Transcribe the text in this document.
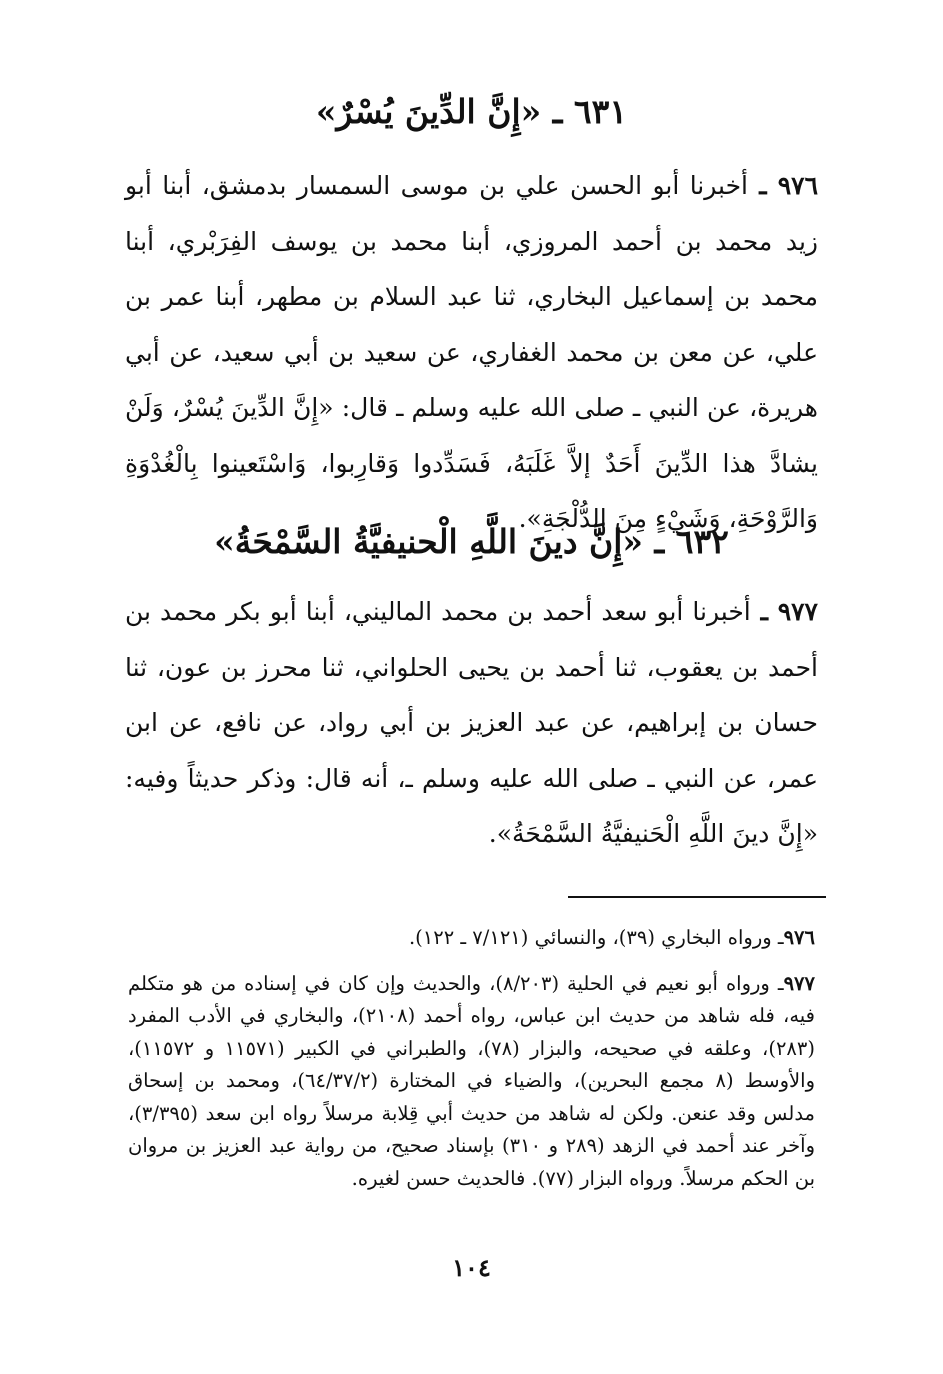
٦٣١ ـ «إِنَّ الدِّينَ يُسْرٌ»
٩٧٦ ـ أخبرنا أبو الحسن علي بن موسى السمسار بدمشق، أبنا أبو زيد محمد بن أحمد المروزي، أبنا محمد بن يوسف الفِرَبْري، أبنا محمد بن إسماعيل البخاري، ثنا عبد السلام بن مطهر، أبنا عمر بن علي، عن معن بن محمد الغفاري، عن سعيد بن أبي سعيد، عن أبي هريرة، عن النبي ـ صلى الله عليه وسلم ـ قال: «إِنَّ الدِّينَ يُسْرٌ، وَلَنْ يشادَّ هذا الدِّينَ أَحَدٌ إلاَّ غَلَبَهُ، فَسَدِّدوا وَقارِبوا، وَاسْتَعينوا بِالْغُدْوَةِ وَالرَّوْحَةِ، وَشَيْءٍ مِنَ الدُّلْجَةِ».
٦٣٢ ـ «إِنَّ دينَ اللَّهِ الْحنيفيَّةُ السَّمْحَةُ»
٩٧٧ ـ أخبرنا أبو سعد أحمد بن محمد الماليني، أبنا أبو بكر محمد بن أحمد بن يعقوب، ثنا أحمد بن يحيى الحلواني، ثنا محرز بن عون، ثنا حسان بن إبراهيم، عن عبد العزيز بن أبي رواد، عن نافع، عن ابن عمر، عن النبي ـ صلى الله عليه وسلم ـ، أنه قال: وذكر حديثاً وفيه: «إِنَّ دينَ اللَّهِ الْحَنيفيَّةُ السَّمْحَةُ».

٩٧٦ـ ورواه البخاري (٣٩)، والنسائي (٧/١٢١ ـ ١٢٢).

٩٧٧ـ ورواه أبو نعيم في الحلية (٨/٢٠٣)، والحديث وإن كان في إسناده من هو متكلم فيه، فله شاهد من حديث ابن عباس، رواه أحمد (٢١٠٨)، والبخاري في الأدب المفرد (٢٨٣)، وعلقه في صحيحه، والبزار (٧٨)، والطبراني في الكبير (١١٥٧١ و ١١٥٧٢)، والأوسط (٨ مجمع البحرين)، والضياء في المختارة (٦٤/٣٧/٢)، ومحمد بن إسحاق مدلس وقد عنعن. ولكن له شاهد من حديث أبي قِلابة مرسلاً رواه ابن سعد (٣/٣٩٥)، وآخر عند أحمد في الزهد (٢٨٩ و ٣١٠) بإسناد صحيح، من رواية عبد العزيز بن مروان بن الحكم مرسلاً. ورواه البزار (٧٧). فالحديث حسن لغيره.

١٠٤
